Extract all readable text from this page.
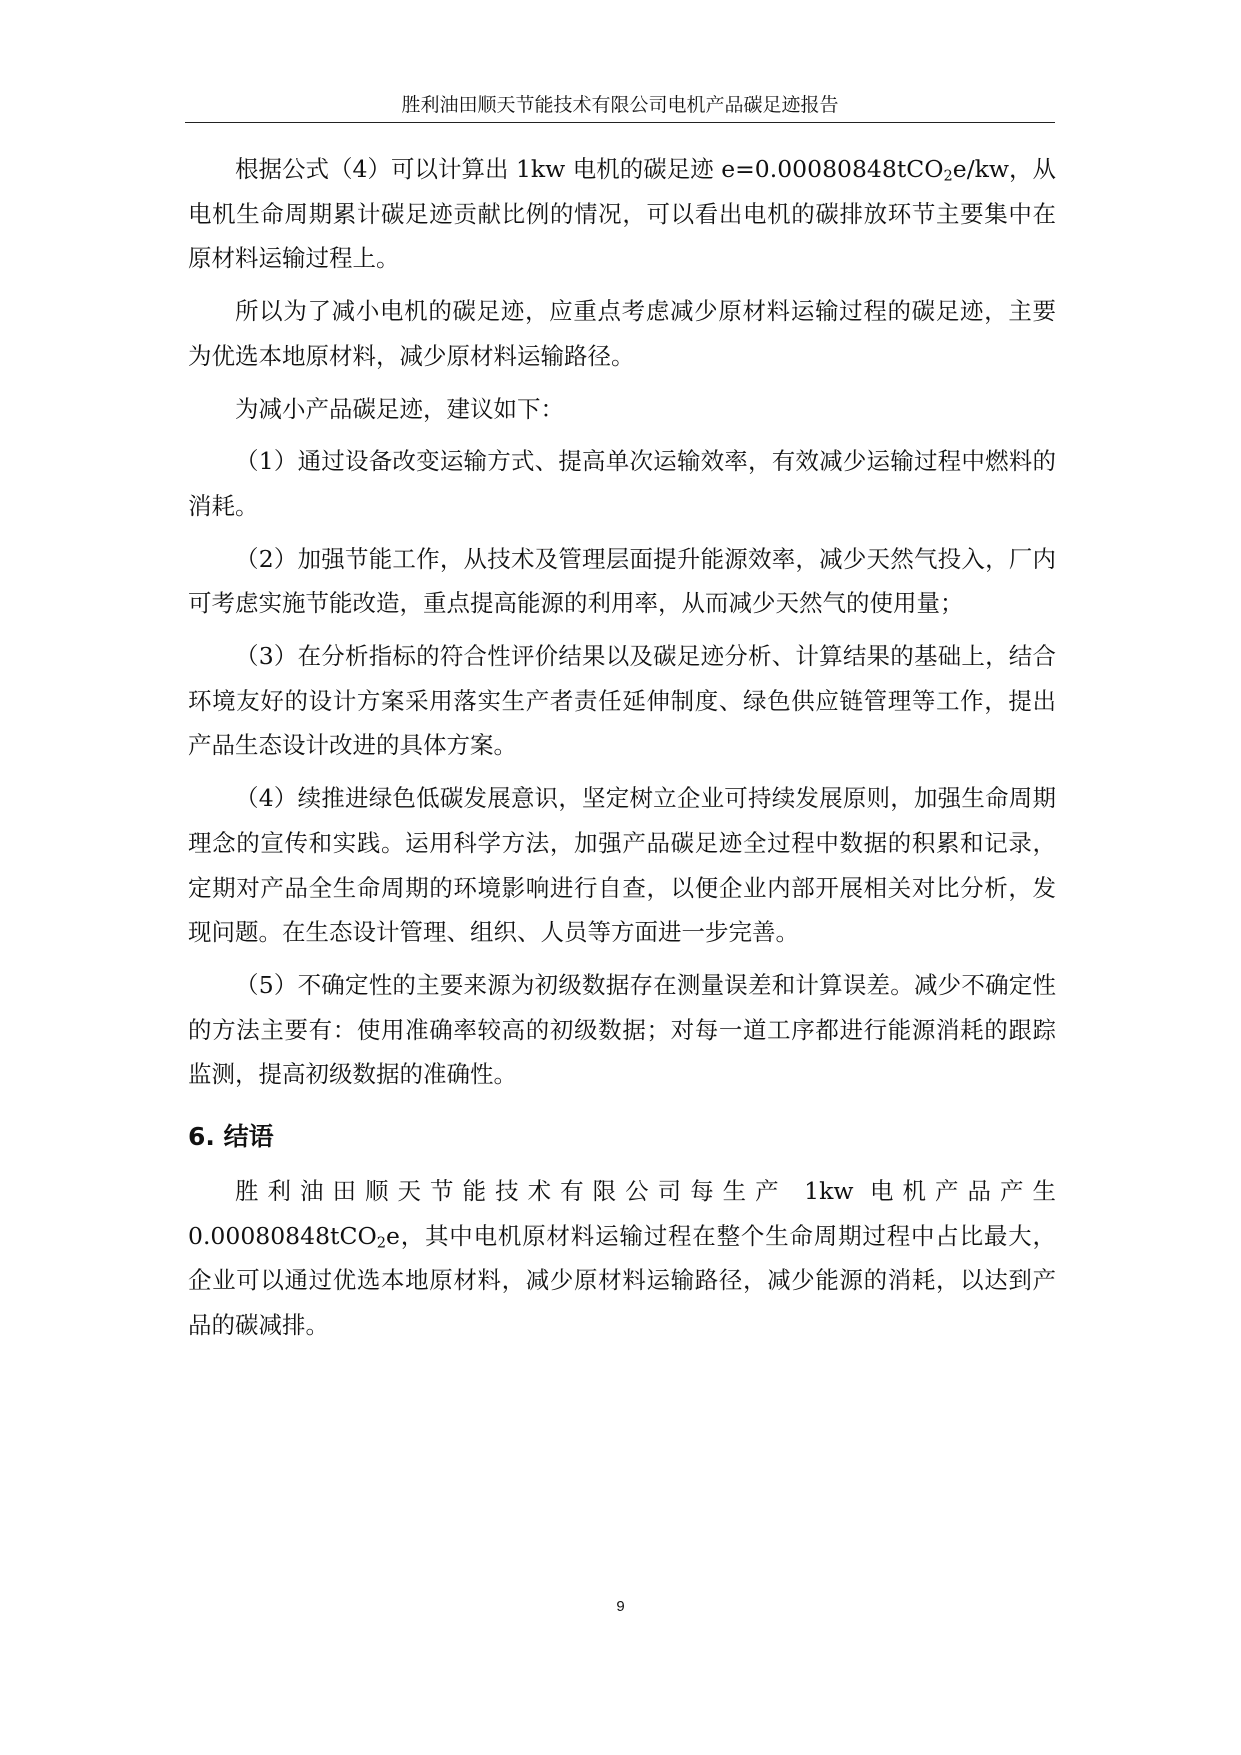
胜利油田顺天节能技术有限公司电机产品碳足迹报告

根据公式（4）可以计算出 1kw 电机的碳足迹 e=0.00080848tCO$_2$e/kw，从电机生命周期累计碳足迹贡献比例的情况，可以看出电机的碳排放环节主要集中在原材料运输过程上。

所以为了减小电机的碳足迹，应重点考虑减少原材料运输过程的碳足迹，主要为优选本地原材料，减少原材料运输路径。

为减小产品碳足迹，建议如下：

（1）通过设备改变运输方式、提高单次运输效率，有效减少运输过程中燃料的消耗。

（2）加强节能工作，从技术及管理层面提升能源效率，减少天然气投入，厂内可考虑实施节能改造，重点提高能源的利用率，从而减少天然气的使用量；

（3）在分析指标的符合性评价结果以及碳足迹分析、计算结果的基础上，结合环境友好的设计方案采用落实生产者责任延伸制度、绿色供应链管理等工作，提出产品生态设计改进的具体方案。

（4）续推进绿色低碳发展意识，坚定树立企业可持续发展原则，加强生命周期理念的宣传和实践。运用科学方法，加强产品碳足迹全过程中数据的积累和记录，定期对产品全生命周期的环境影响进行自查，以便企业内部开展相关对比分析，发现问题。在生态设计管理、组织、人员等方面进一步完善。

（5）不确定性的主要来源为初级数据存在测量误差和计算误差。减少不确定性的方法主要有：使用准确率较高的初级数据；对每一道工序都进行能源消耗的跟踪监测，提高初级数据的准确性。

6. 结语

胜利油田顺天节能技术有限公司每生产 1kw 电机产品产生 0.00080848tCO$_2$e，其中电机原材料运输过程在整个生命周期过程中占比最大，企业可以通过优选本地原材料，减少原材料运输路径，减少能源的消耗，以达到产品的碳减排。

9
